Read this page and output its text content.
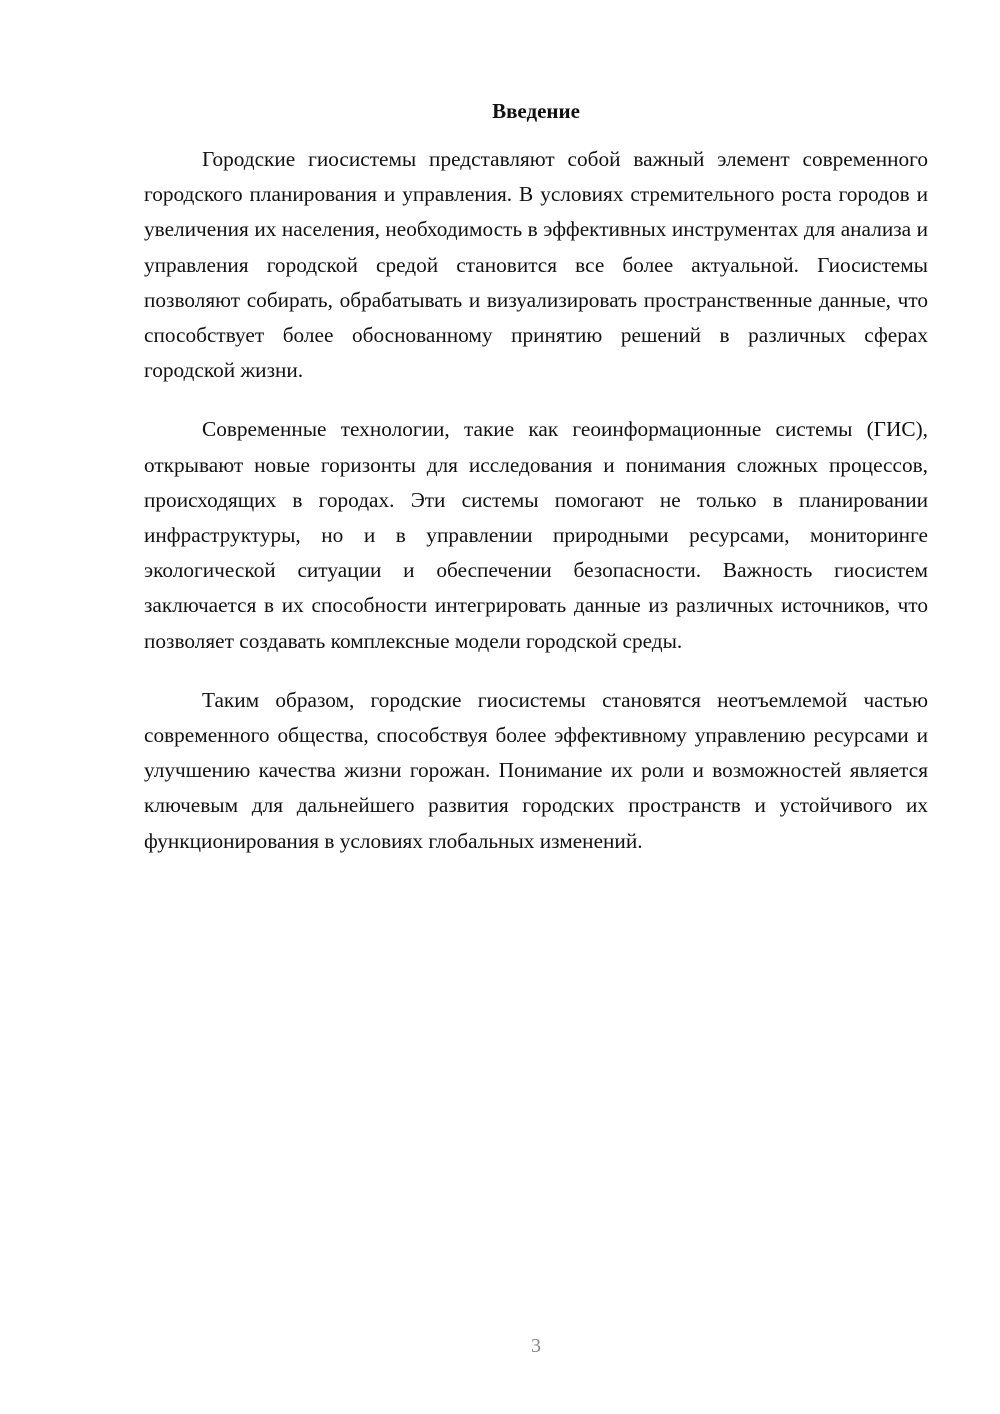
Введение

Городские гиосистемы представляют собой важный элемент современного городского планирования и управления. В условиях стремительного роста городов и увеличения их населения, необходимость в эффективных инструментах для анализа и управления городской средой становится все более актуальной. Гиосистемы позволяют собирать, обрабатывать и визуализировать пространственные данные, что способствует более обоснованному принятию решений в различных сферах городской жизни.

Современные технологии, такие как геоинформационные системы (ГИС), открывают новые горизонты для исследования и понимания сложных процессов, происходящих в городах. Эти системы помогают не только в планировании инфраструктуры, но и в управлении природными ресурсами, мониторинге экологической ситуации и обеспечении безопасности. Важность гиосистем заключается в их способности интегрировать данные из различных источников, что позволяет создавать комплексные модели городской среды.

Таким образом, городские гиосистемы становятся неотъемлемой частью современного общества, способствуя более эффективному управлению ресурсами и улучшению качества жизни горожан. Понимание их роли и возможностей является ключевым для дальнейшего развития городских пространств и устойчивого их функционирования в условиях глобальных изменений.

3
